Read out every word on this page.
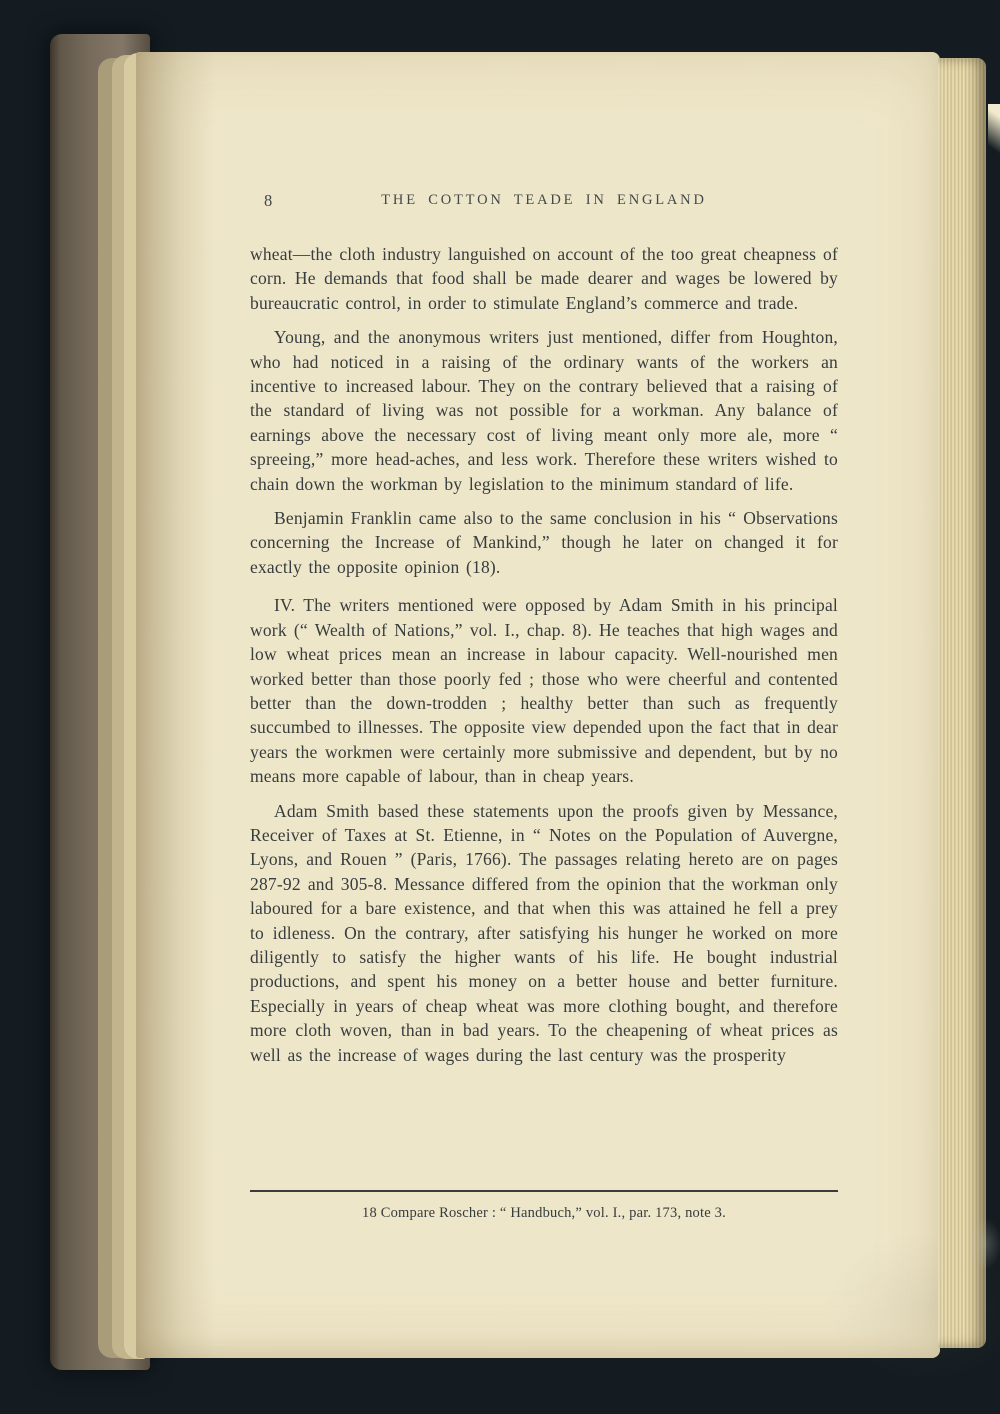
8	THE COTTON TEADE IN ENGLAND

wheat—the cloth industry languished on account of the too great cheapness of corn. He demands that food shall be made dearer and wages be lowered by bureaucratic control, in order to stimulate England’s commerce and trade.

Young, and the anonymous writers just mentioned, differ from Houghton, who had noticed in a raising of the ordinary wants of the workers an incentive to increased labour. They on the contrary believed that a raising of the standard of living was not possible for a workman. Any balance of earnings above the necessary cost of living meant only more ale, more “ spreeing,” more head-aches, and less work. Therefore these writers wished to chain down the workman by legislation to the minimum standard of life.

Benjamin Franklin came also to the same conclusion in his “ Observations concerning the Increase of Mankind,” though he later on changed it for exactly the opposite opinion (18).

IV. The writers mentioned were opposed by Adam Smith in his principal work (“ Wealth of Nations,” vol. I., chap. 8). He teaches that high wages and low wheat prices mean an increase in labour capacity. Well-nourished men worked better than those poorly fed ; those who were cheerful and contented better than the down-trodden ; healthy better than such as frequently succumbed to illnesses. The opposite view depended upon the fact that in dear years the workmen were certainly more submissive and dependent, but by no means more capable of labour, than in cheap years.

Adam Smith based these statements upon the proofs given by Messance, Receiver of Taxes at St. Etienne, in “ Notes on the Population of Auvergne, Lyons, and Rouen ” (Paris, 1766). The passages relating hereto are on pages 287-92 and 305-8. Messance differed from the opinion that the workman only laboured for a bare existence, and that when this was attained he fell a prey to idleness. On the contrary, after satisfying his hunger he worked on more diligently to satisfy the higher wants of his life. He bought industrial productions, and spent his money on a better house and better furniture. Especially in years of cheap wheat was more clothing bought, and therefore more cloth woven, than in bad years. To the cheapening of wheat prices as well as the increase of wages during the last century was the prosperity

18 Compare Roscher : “ Handbuch,” vol. I., par. 173, note 3.
